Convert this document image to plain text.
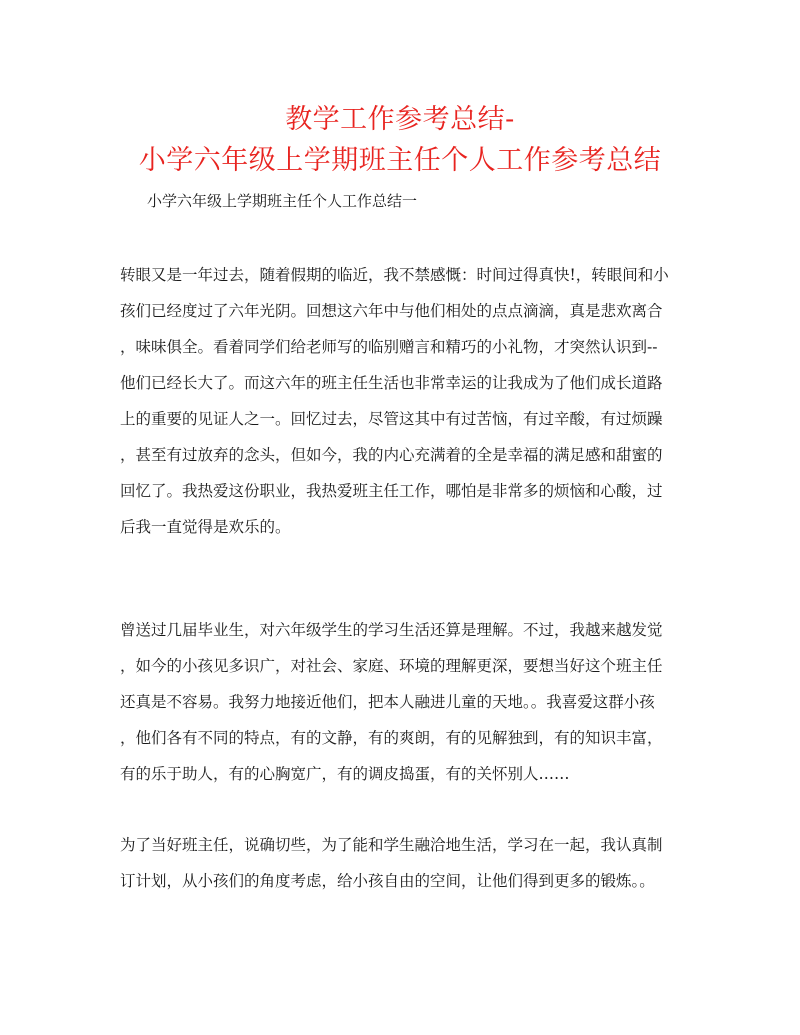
教学工作参考总结-
小学六年级上学期班主任个人工作参考总结
小学六年级上学期班主任个人工作总结一
转眼又是一年过去，随着假期的临近，我不禁感慨：时间过得真快!，转眼间和小
孩们已经度过了六年光阴。回想这六年中与他们相处的点点滴滴，真是悲欢离合
，味味俱全。看着同学们给老师写的临别赠言和精巧的小礼物，才突然认识到--
他们已经长大了。而这六年的班主任生活也非常幸运的让我成为了他们成长道路
上的重要的见证人之一。回忆过去，尽管这其中有过苦恼，有过辛酸，有过烦躁
，甚至有过放弃的念头，但如今，我的内心充满着的全是幸福的满足感和甜蜜的
回忆了。我热爱这份职业，我热爱班主任工作，哪怕是非常多的烦恼和心酸，过
后我一直觉得是欢乐的。
曾送过几届毕业生，对六年级学生的学习生活还算是理解。不过，我越来越发觉
，如今的小孩见多识广，对社会、家庭、环境的理解更深，要想当好这个班主任
还真是不容易。我努力地接近他们，把本人融进儿童的天地。。我喜爱这群小孩
，他们各有不同的特点，有的文静，有的爽朗，有的见解独到，有的知识丰富，
有的乐于助人，有的心胸宽广，有的调皮捣蛋，有的关怀别人……
为了当好班主任，说确切些，为了能和学生融洽地生活，学习在一起，我认真制
订计划，从小孩们的角度考虑，给小孩自由的空间，让他们得到更多的锻炼。。
